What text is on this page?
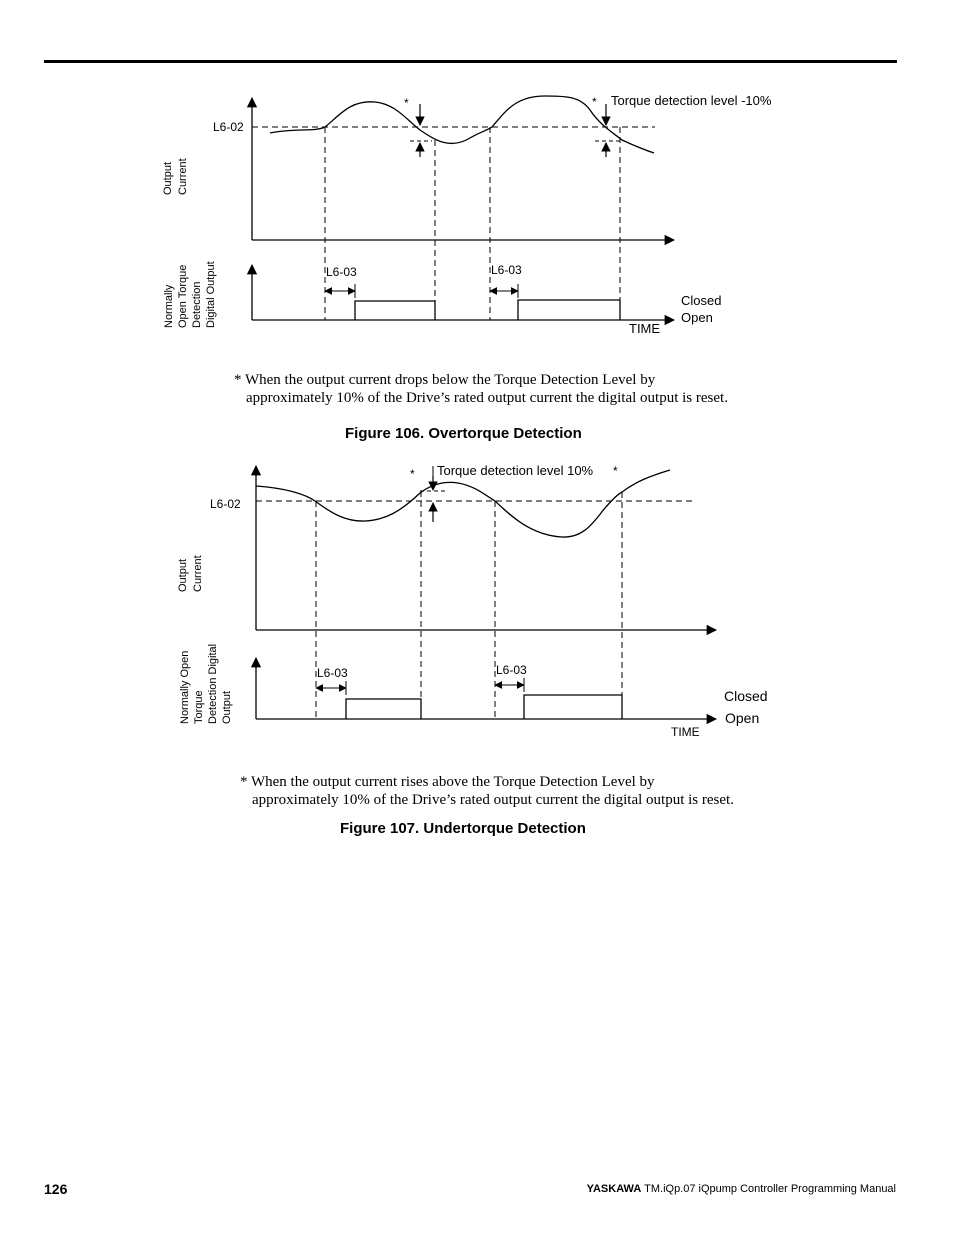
L6-02
*	* Torque detection level -10%
L6-03	L6-03
Closed
Open
TIME
Output Current
Normally Open Torque Detection Digital Output
L6-02
*	*
Torque detection level 10%
L6-03	L6-03
Closed
Open
TIME
Output Current
Normally Open Torque Detection Digital Output

* When the output current drops below the Torque Detection Level by
approximately 10% of the Drive’s rated output current the digital output is reset.

Figure 106. Overtorque Detection

* When the output current rises above the Torque Detection Level by
approximately 10% of the Drive’s rated output current the digital output is reset.

Figure 107. Undertorque Detection
126	YASKAWA TM.iQp.07 iQpump Controller Programming Manual
